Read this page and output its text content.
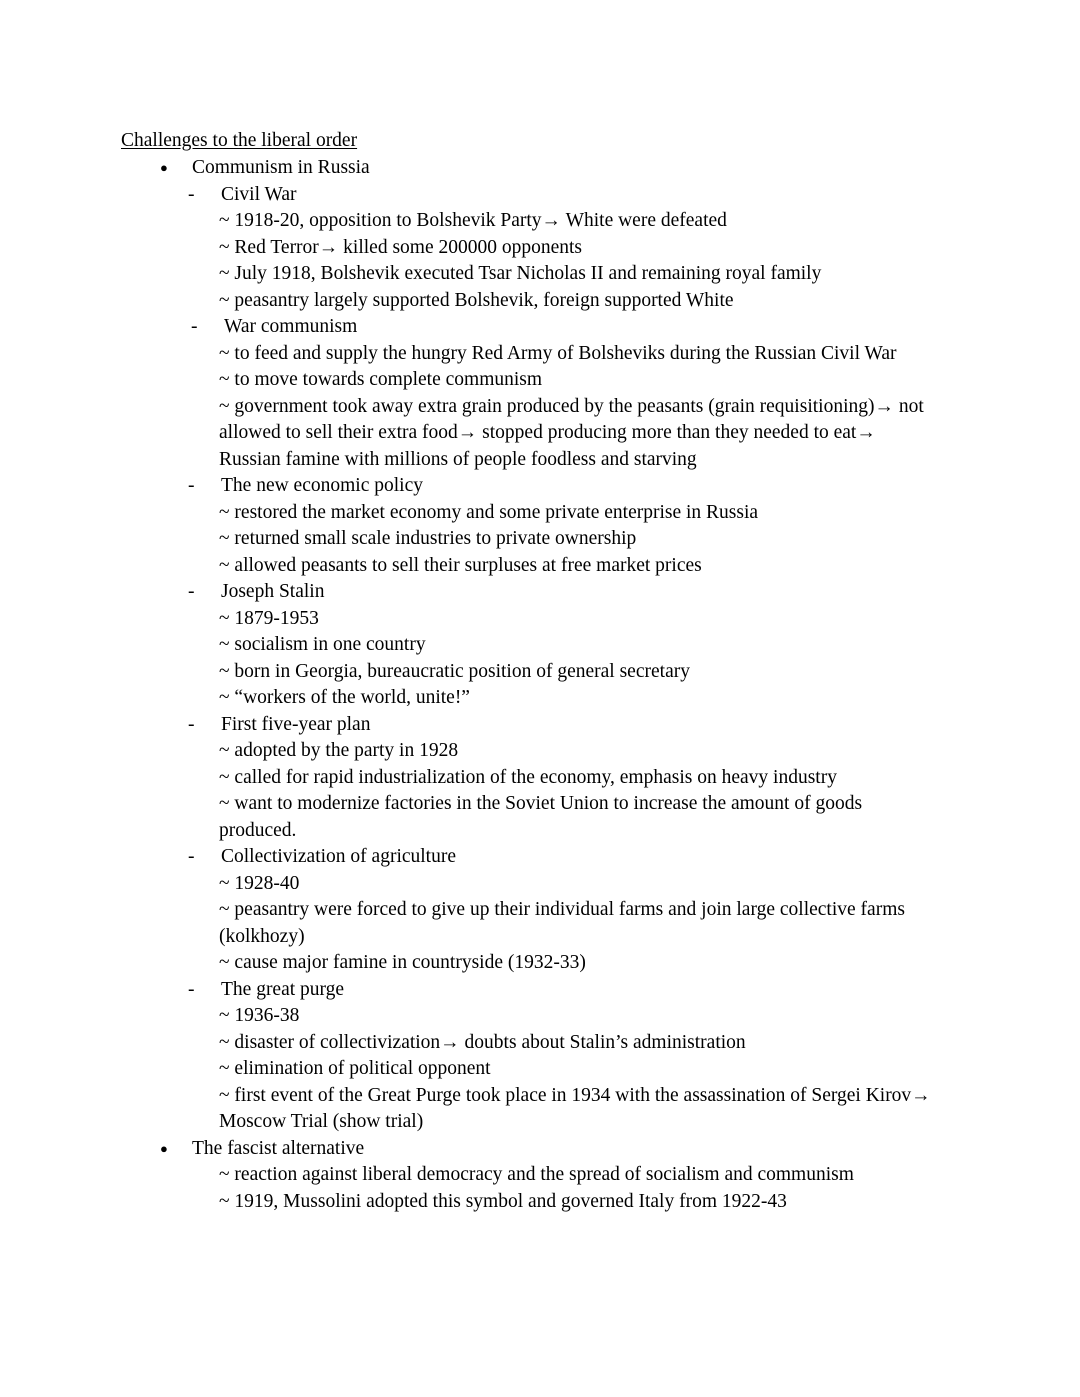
Challenges to the liberal order
● Communism in Russia
- Civil War
~ 1918-20, opposition to Bolshevik Party→ White were defeated
~ Red Terror→ killed some 200000 opponents
~ July 1918, Bolshevik executed Tsar Nicholas II and remaining royal family
~ peasantry largely supported Bolshevik, foreign supported White
- War communism
~ to feed and supply the hungry Red Army of Bolsheviks during the Russian Civil War
~ to move towards complete communism
~ government took away extra grain produced by the peasants (grain requisitioning)→ not allowed to sell their extra food→ stopped producing more than they needed to eat→ Russian famine with millions of people foodless and starving
- The new economic policy
~ restored the market economy and some private enterprise in Russia
~ returned small scale industries to private ownership
~ allowed peasants to sell their surpluses at free market prices
- Joseph Stalin
~ 1879-1953
~ socialism in one country
~ born in Georgia, bureaucratic position of general secretary
~ “workers of the world, unite!”
- First five-year plan
~ adopted by the party in 1928
~ called for rapid industrialization of the economy, emphasis on heavy industry
~ want to modernize factories in the Soviet Union to increase the amount of goods produced.
- Collectivization of agriculture
~ 1928-40
~ peasantry were forced to give up their individual farms and join large collective farms (kolkhozy)
~ cause major famine in countryside (1932-33)
- The great purge
~ 1936-38
~ disaster of collectivization→ doubts about Stalin’s administration
~ elimination of political opponent
~ first event of the Great Purge took place in 1934 with the assassination of Sergei Kirov→ Moscow Trial (show trial)
● The fascist alternative
~ reaction against liberal democracy and the spread of socialism and communism
~ 1919, Mussolini adopted this symbol and governed Italy from 1922-43
